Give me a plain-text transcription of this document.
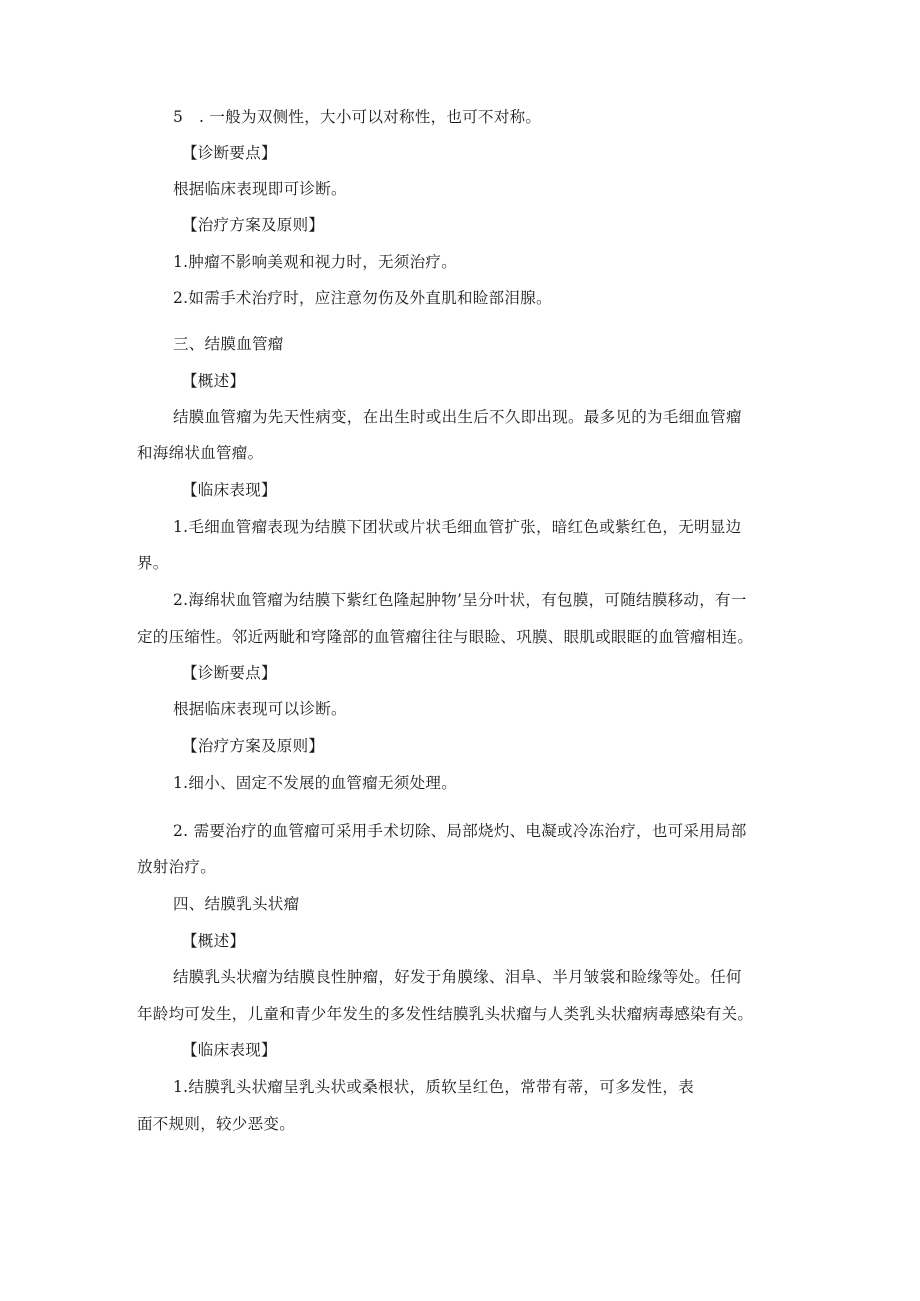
5　. 一般为双侧性，大小可以对称性，也可不对称。

【诊断要点】

根据临床表现即可诊断。

【治疗方案及原则】

1.肿瘤不影响美观和视力时，无须治疗。

2.如需手术治疗时，应注意勿伤及外直肌和睑部泪腺。

三、结膜血管瘤

【概述】

结膜血管瘤为先天性病变，在出生时或出生后不久即出现。最多见的为毛细血管瘤

和海绵状血管瘤。

【临床表现】

1.毛细血管瘤表现为结膜下团状或片状毛细血管扩张，暗红色或紫红色，无明显边

界。

2.海绵状血管瘤为结膜下紫红色隆起肿物’呈分叶状，有包膜，可随结膜移动，有一

定的压缩性。邻近两眦和穹隆部的血管瘤往往与眼睑、巩膜、眼肌或眼眶的血管瘤相连。

【诊断要点】

根据临床表现可以诊断。

【治疗方案及原则】

1.细小、固定不发展的血管瘤无须处理。

2. 需要治疗的血管瘤可采用手术切除、局部烧灼、电凝或冷冻治疗，也可采用局部

放射治疗。

四、结膜乳头状瘤

【概述】

结膜乳头状瘤为结膜良性肿瘤，好发于角膜缘、泪阜、半月皱裳和睑缘等处。任何

年龄均可发生，儿童和青少年发生的多发性结膜乳头状瘤与人类乳头状瘤病毒感染有关。

【临床表现】

1.结膜乳头状瘤呈乳头状或桑根状，质软呈红色，常带有蒂，可多发性，表

面不规则，较少恶变。
